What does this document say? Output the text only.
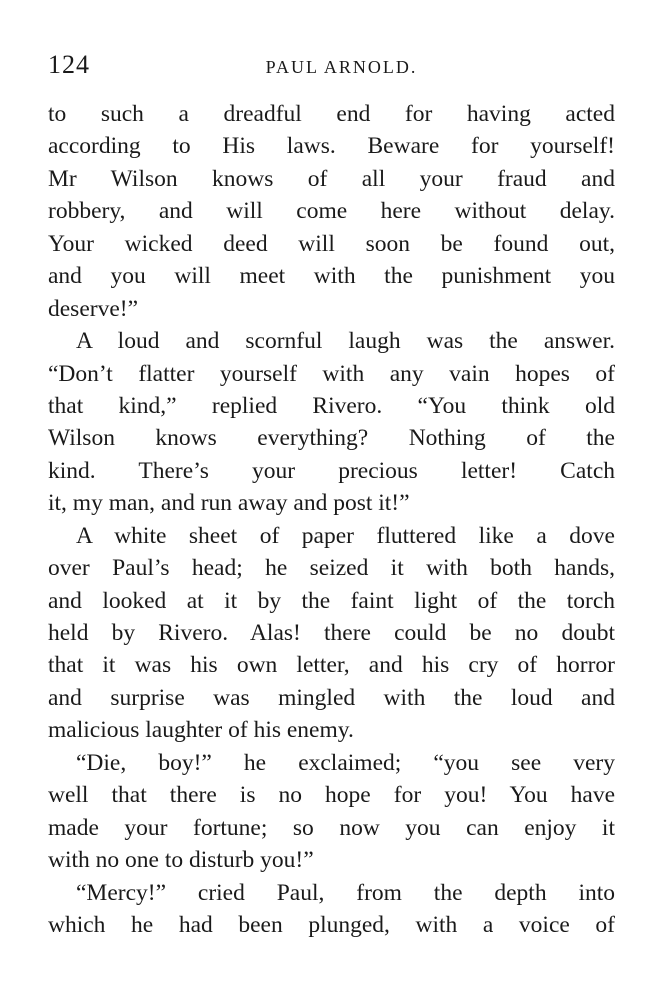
124	PAUL ARNOLD.
to such a dreadful end for having acted
according to His laws. Beware for yourself!
Mr Wilson knows of all your fraud and
robbery, and will come here without delay.
Your wicked deed will soon be found out,
and you will meet with the punishment you
deserve!”
A loud and scornful laugh was the answer.
“Don’t flatter yourself with any vain hopes of
that kind,” replied Rivero. “You think old
Wilson knows everything? Nothing of the
kind. There’s your precious letter! Catch
it, my man, and run away and post it!”
A white sheet of paper fluttered like a dove
over Paul’s head; he seized it with both hands,
and looked at it by the faint light of the torch
held by Rivero. Alas! there could be no doubt
that it was his own letter, and his cry of horror
and surprise was mingled with the loud and
malicious laughter of his enemy.
“Die, boy!” he exclaimed; “you see very
well that there is no hope for you! You have
made your fortune; so now you can enjoy it
with no one to disturb you!”
“Mercy!” cried Paul, from the depth into
which he had been plunged, with a voice of
